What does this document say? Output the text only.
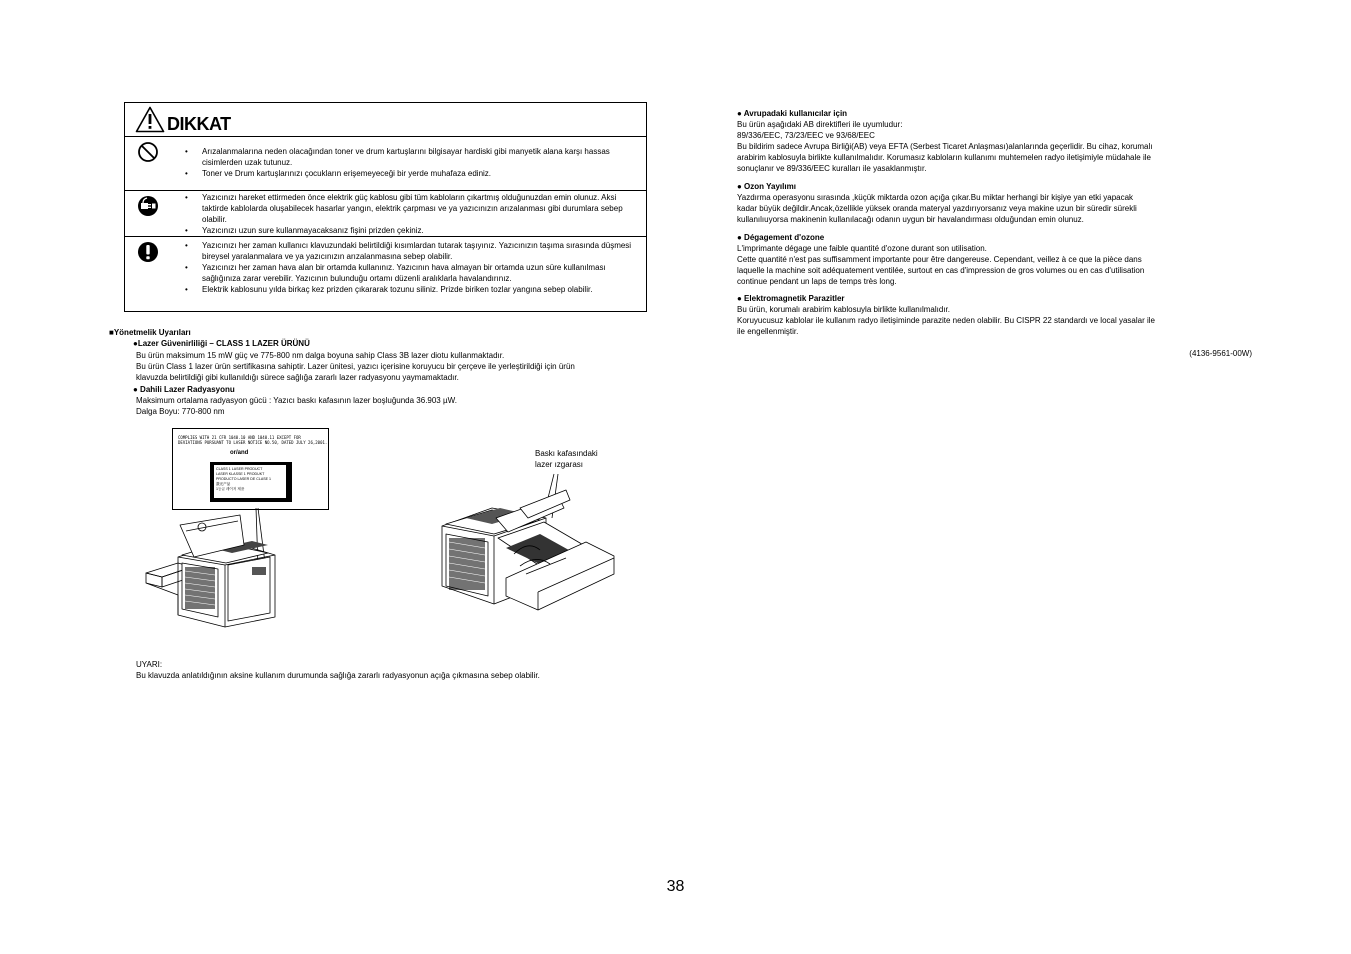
DIKKAT
• Arızalanmalarına neden olacağından toner ve drum kartuşlarını bilgisayar hardiski gibi manyetik alana karşı hassas cisimlerden uzak tutunuz.
• Toner ve Drum kartuşlarınızı çocukların erişemeyeceği bir yerde muhafaza ediniz.
• Yazıcınızı hareket ettirmeden önce elektrik güç kablosu gibi tüm kabloların çıkartmış olduğunuzdan emin olunuz. Aksi taktirde kablolarda oluşabilecek hasarlar yangın, elektrik çarpması ve ya yazıcınızın arızalanması gibi durumlara sebep olabilir.
• Yazıcınızı uzun sure kullanmayacaksanız fişini prizden çekiniz.
• Yazıcınızı her zaman kullanıcı klavuzundaki belirtildiği kısımlardan tutarak taşıyınız. Yazıcınızın taşıma sırasında düşmesi bireysel yaralanmalara ve ya yazıcınızın arızalanmasına sebep olabilir.
• Yazıcınızı her zaman hava alan bir ortamda kullanınız. Yazıcının hava almayan bir ortamda uzun süre kullanılması sağlığınıza zarar verebilir. Yazıcının bulunduğu ortamı düzenli aralıklarla havalandırınız.
• Elektrik kablosunu yılda birkaç kez prizden çıkararak tozunu siliniz. Prizde biriken tozlar yangına sebep olabilir.
■Yönetmelik Uyarıları
●Lazer Güvenirliliği – CLASS 1 LAZER ÜRÜNÜ

Bu ürün maksimum 15 mW güç ve 775-800 nm dalga boyuna sahip Class 3B lazer diotu kullanmaktadır.

Bu ürün Class 1 lazer ürün sertifikasına sahiptir. Lazer ünitesi, yazıcı içerisine koruyucu bir çerçeve ile yerleştirildiği için ürün

klavuzda belirtildiği gibi kullanıldığı sürece sağlığa zararlı lazer radyasyonu yaymamaktadır.

● Dahili Lazer Radyasyonu

Maksimum ortalama radyasyon gücü : Yazıcı baskı kafasının lazer boşluğunda 36.903 µW.

Dalga Boyu: 770-800 nm

COMPLIES WITH 21 CFR 1040.10 AND 1040.11 EXCEPT FOR
DEVIATIONS PURSUANT TO LASER NOTICE NO.50, DATED JULY 26,2001.
or/and
CLASS 1 LASER PRODUCT
LASER KLASSE 1 PRODUKT
PRODUCTO LASER DE CLASE 1
激光产品
1등급 레이저 제품

Baskı kafasındaki

lazer ızgarası

UYARI:
Bu klavuzda anlatıldığının aksine kullanım durumunda sağlığa zararlı radyasyonun açığa çıkmasına sebep olabilir.

● Avrupadaki kullanıcılar için

Bu ürün aşağıdaki AB direktifleri ile uyumludur:

89/336/EEC, 73/23/EEC ve 93/68/EEC

Bu bildirim sadece Avrupa Birliği(AB) veya EFTA (Serbest Ticaret Anlaşması)alanlarında geçerlidir. Bu cihaz, korumalı

arabirim kablosuyla birlikte kullanılmalıdır. Korumasız kabloların kullanımı muhtemelen radyo iletişimiyle müdahale ile

sonuçlanır ve 89/336/EEC kuralları ile yasaklanmıştır.

● Ozon Yayılımı

Yazdırma operasyonu sırasında ,küçük miktarda ozon açığa çıkar.Bu miktar herhangi bir kişiye yan etki yapacak

kadar büyük değildir.Ancak,özellikle yüksek oranda materyal yazdırıyorsanız veya makine uzun bir süredir sürekli

kullanılıuyorsa makinenin kullanılacağı odanın uygun bir havalandırması olduğundan emin olunuz.

● Dégagement d'ozone

L'imprimante dégage une faible quantité d'ozone durant son utilisation.

Cette quantité n'est pas suffisamment importante pour être dangereuse. Cependant, veillez à ce que la pièce dans

laquelle la machine soit adéquatement ventilée, surtout en cas d'impression de gros volumes ou en cas d'utilisation

continue pendant un laps de temps très long.

● Elektromagnetik Parazitler

Bu ürün, korumalı arabirim kablosuyla birlikte kullanılmalıdır.

Koruyucusuz kablolar ile kullanım radyo iletişiminde parazite neden olabilir. Bu CISPR 22 standardı ve local yasalar ile

ile engellenmiştir.

(4136-9561-00W)
38
